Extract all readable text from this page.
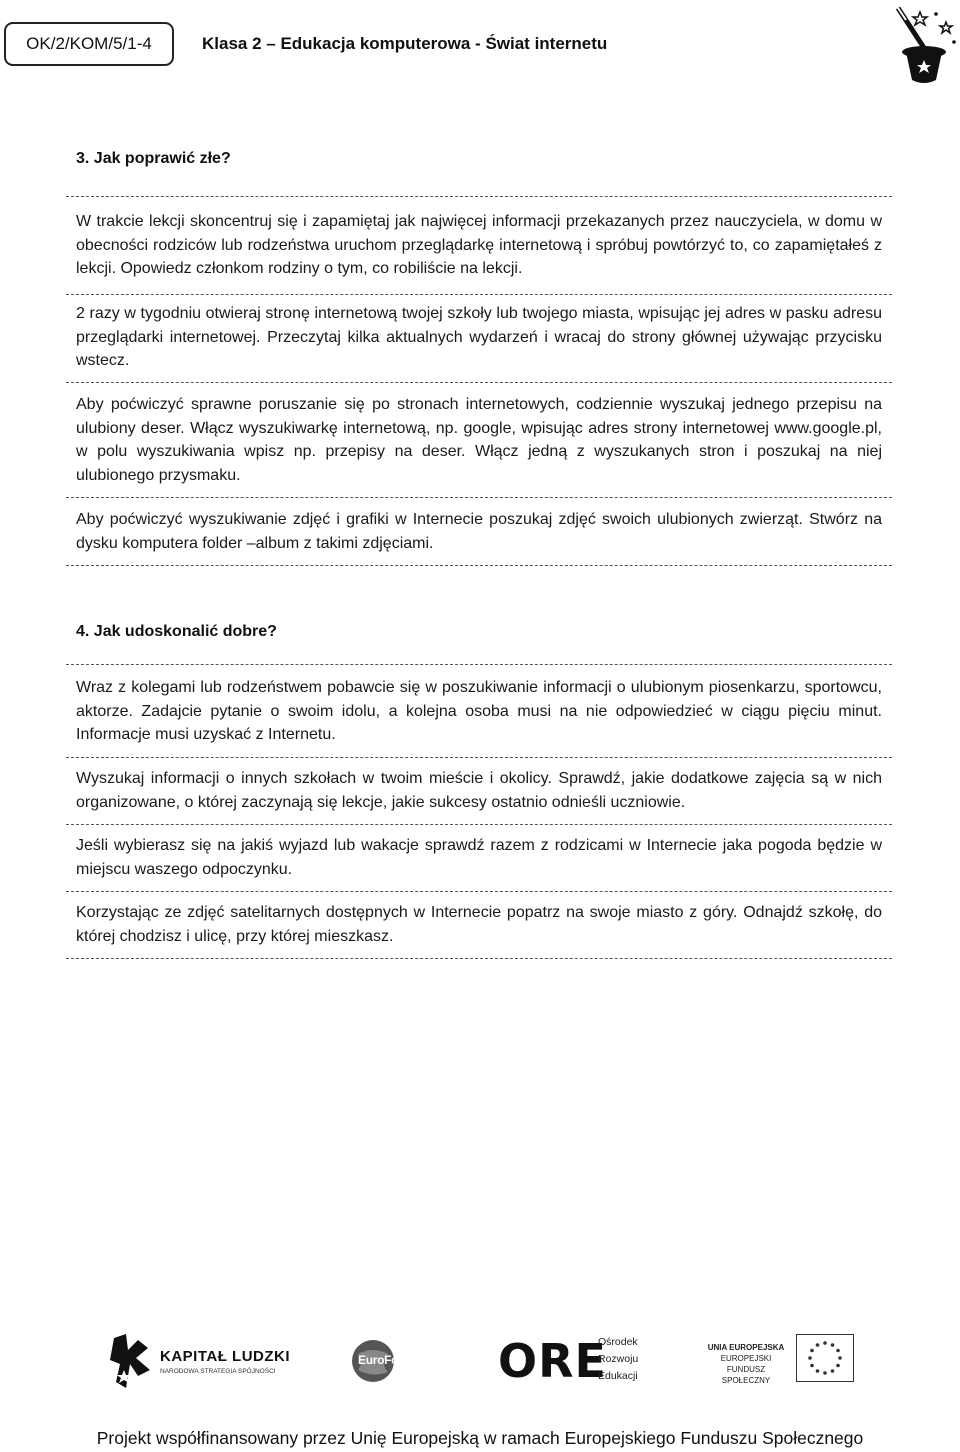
OK/2/KOM/5/1-4	Klasa 2 – Edukacja komputerowa - Świat internetu
3. Jak poprawić złe?
W trakcie lekcji skoncentruj się i zapamiętaj jak najwięcej informacji przekazanych przez nauczyciela, w domu w obecności rodziców lub rodzeństwa uruchom przeglądarkę internetową i spróbuj powtórzyć to, co zapamiętałeś z lekcji. Opowiedz członkom rodziny o tym, co robiliście na lekcji.
2 razy w tygodniu otwieraj stronę internetową twojej szkoły lub twojego miasta, wpisując jej adres w pasku adresu przeglądarki internetowej. Przeczytaj kilka aktualnych wydarzeń i wracaj do strony głównej używając przycisku wstecz.
Aby poćwiczyć sprawne poruszanie się po stronach internetowych, codziennie wyszukaj jednego przepisu na ulubiony deser. Włącz wyszukiwarkę internetową, np. google, wpisując adres strony internetowej www.google.pl, w polu wyszukiwania wpisz np. przepisy na deser. Włącz jedną z wyszukanych stron i poszukaj na niej ulubionego przysmaku.
Aby poćwiczyć wyszukiwanie zdjęć i grafiki w Internecie poszukaj zdjęć swoich ulubionych zwierząt. Stwórz na dysku komputera folder –album z takimi zdjęciami.
4. Jak udoskonalić dobre?
Wraz z kolegami lub rodzeństwem pobawcie się w poszukiwanie informacji o ulubionym piosenkarzu, sportowcu, aktorze. Zadajcie pytanie o swoim idolu, a kolejna osoba musi na nie odpowiedzieć w ciągu pięciu minut. Informacje musi uzyskać z Internetu.
Wyszukaj informacji o innych szkołach w twoim mieście i okolicy. Sprawdź, jakie dodatkowe zajęcia są w nich organizowane, o której zaczynają się lekcje, jakie sukcesy ostatnio odnieśli uczniowie.
Jeśli wybierasz się na jakiś wyjazd lub wakacje sprawdź razem z rodzicami w Internecie jaka pogoda będzie w miejscu waszego odpoczynku.
Korzystając ze zdjęć satelitarnych dostępnych w Internecie popatrz na swoje miasto z góry. Odnajdź szkołę, do której chodzisz i ulicę, przy której mieszkasz.
KAPITAŁ LUDZKI
NARODOWA STRATEGIA SPÓJNOŚCI
EuroForum ORE
Ośrodek
Rozwoju
Edukacji
UNIA EUROPEJSKA
EUROPEJSKI
FUNDUSZ SPOŁECZNY
Projekt współfinansowany przez Unię Europejską w ramach Europejskiego Funduszu Społecznego
